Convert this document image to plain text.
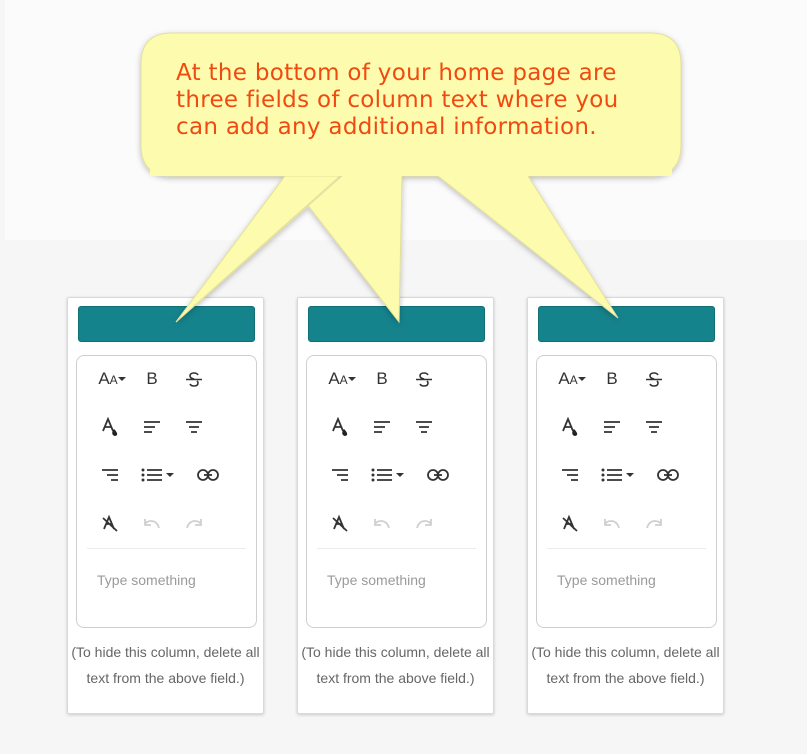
At the bottom of your home page are three fields of column text where you can add any additional information.
AA B
Type something
(To hide this column, delete all text from the above field.)
AA B
Type something
(To hide this column, delete all text from the above field.)
AA B
Type something
(To hide this column, delete all text from the above field.)
